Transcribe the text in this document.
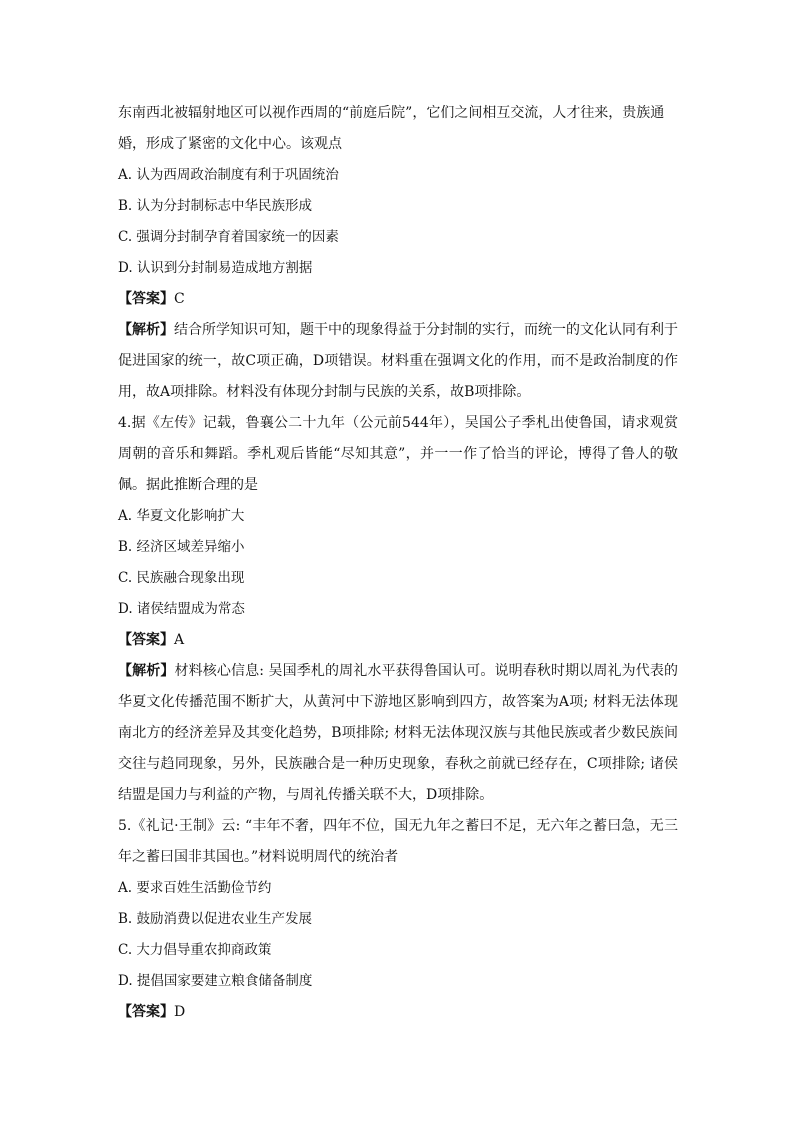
东南西北被辐射地区可以视作西周的“前庭后院”，它们之间相互交流，人才往来，贵族通
婚，形成了紧密的文化中心。该观点
A. 认为西周政治制度有利于巩固统治
B. 认为分封制标志中华民族形成
C. 强调分封制孕育着国家统一的因素
D. 认识到分封制易造成地方割据
【答案】C
【解析】结合所学知识可知，题干中的现象得益于分封制的实行，而统一的文化认同有利于促进国家的统一，故C项正确，D项错误。材料重在强调文化的作用，而不是政治制度的作用，故A项排除。材料没有体现分封制与民族的关系，故B项排除。
4.据《左传》记载，鲁襄公二十九年（公元前544年），吴国公子季札出使鲁国，请求观赏周朝的音乐和舞蹈。季札观后皆能“尽知其意”，并一一作了恰当的评论，博得了鲁人的敬佩。据此推断合理的是
A. 华夏文化影响扩大
B. 经济区域差异缩小
C. 民族融合现象出现
D. 诸侯结盟成为常态
【答案】A
【解析】材料核心信息: 吴国季札的周礼水平获得鲁国认可。说明春秋时期以周礼为代表的华夏文化传播范围不断扩大，从黄河中下游地区影响到四方，故答案为A项; 材料无法体现南北方的经济差异及其变化趋势，B项排除; 材料无法体现汉族与其他民族或者少数民族间交往与趋同现象，另外，民族融合是一种历史现象，春秋之前就已经存在，C项排除; 诸侯结盟是国力与利益的产物，与周礼传播关联不大，D项排除。
5.《礼记·王制》云: “丰年不奢，四年不位，国无九年之蓄曰不足，无六年之蓄曰急，无三年之蓄曰国非其国也。”材料说明周代的统治者
A. 要求百姓生活勤俭节约
B. 鼓励消费以促进农业生产发展
C. 大力倡导重农抑商政策
D. 提倡国家要建立粮食储备制度
【答案】D
